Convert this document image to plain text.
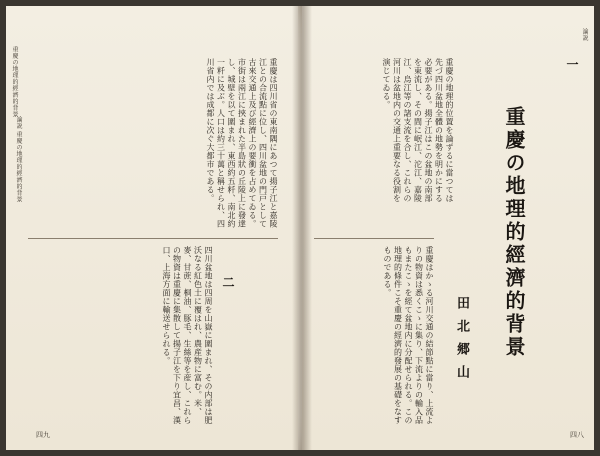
重慶は四川省の東南隅にあつて揚子江と嘉陵江との合流點に位し、四川盆地の門戸として古來交通上及び經濟上の要衝を占めてゐる。市街は兩江に挾まれた半島狀の丘陵上に發達し、城壁を以て圍まれ、東西約五粁、南北約一粁に及ぶ。人口は約三十萬と稱せられ、四川省内では成都に次ぐ大都市である。
二
四川盆地は四周を山嶽に圍まれ、その内部は肥沃なる紅色土に覆はれ、農産物に富む。米、麥、甘蔗、桐油、豚毛、生絲等を産し、これらの物資は重慶に集散して揚子江を下り宜昌、漢口、上海方面に輸送せられる。
論説 重慶の地理的經濟的背景
重慶の地理的經濟的背景
四九
論説
重慶の地理的位置を論ずるに當つては先づ四川盆地全體の地勢を明かにする必要がある。揚子江はこの盆地の南部を東流し、その間に岷江、沱江、嘉陵江、烏江等の諸支流を合し、これらの河川は盆地内の交通上重要なる役割を演じてゐる。	一
重慶の地理的經濟的背景
田北郷山
重慶はかゝる河川交通の結節點に當り、上流よりの物資は悉くこゝに集り、下流よりの輸入品もまたこゝを經て盆地内に分配せられる。この地理的條件こそ重慶の經濟的發展の基礎をなすものである。
四八
